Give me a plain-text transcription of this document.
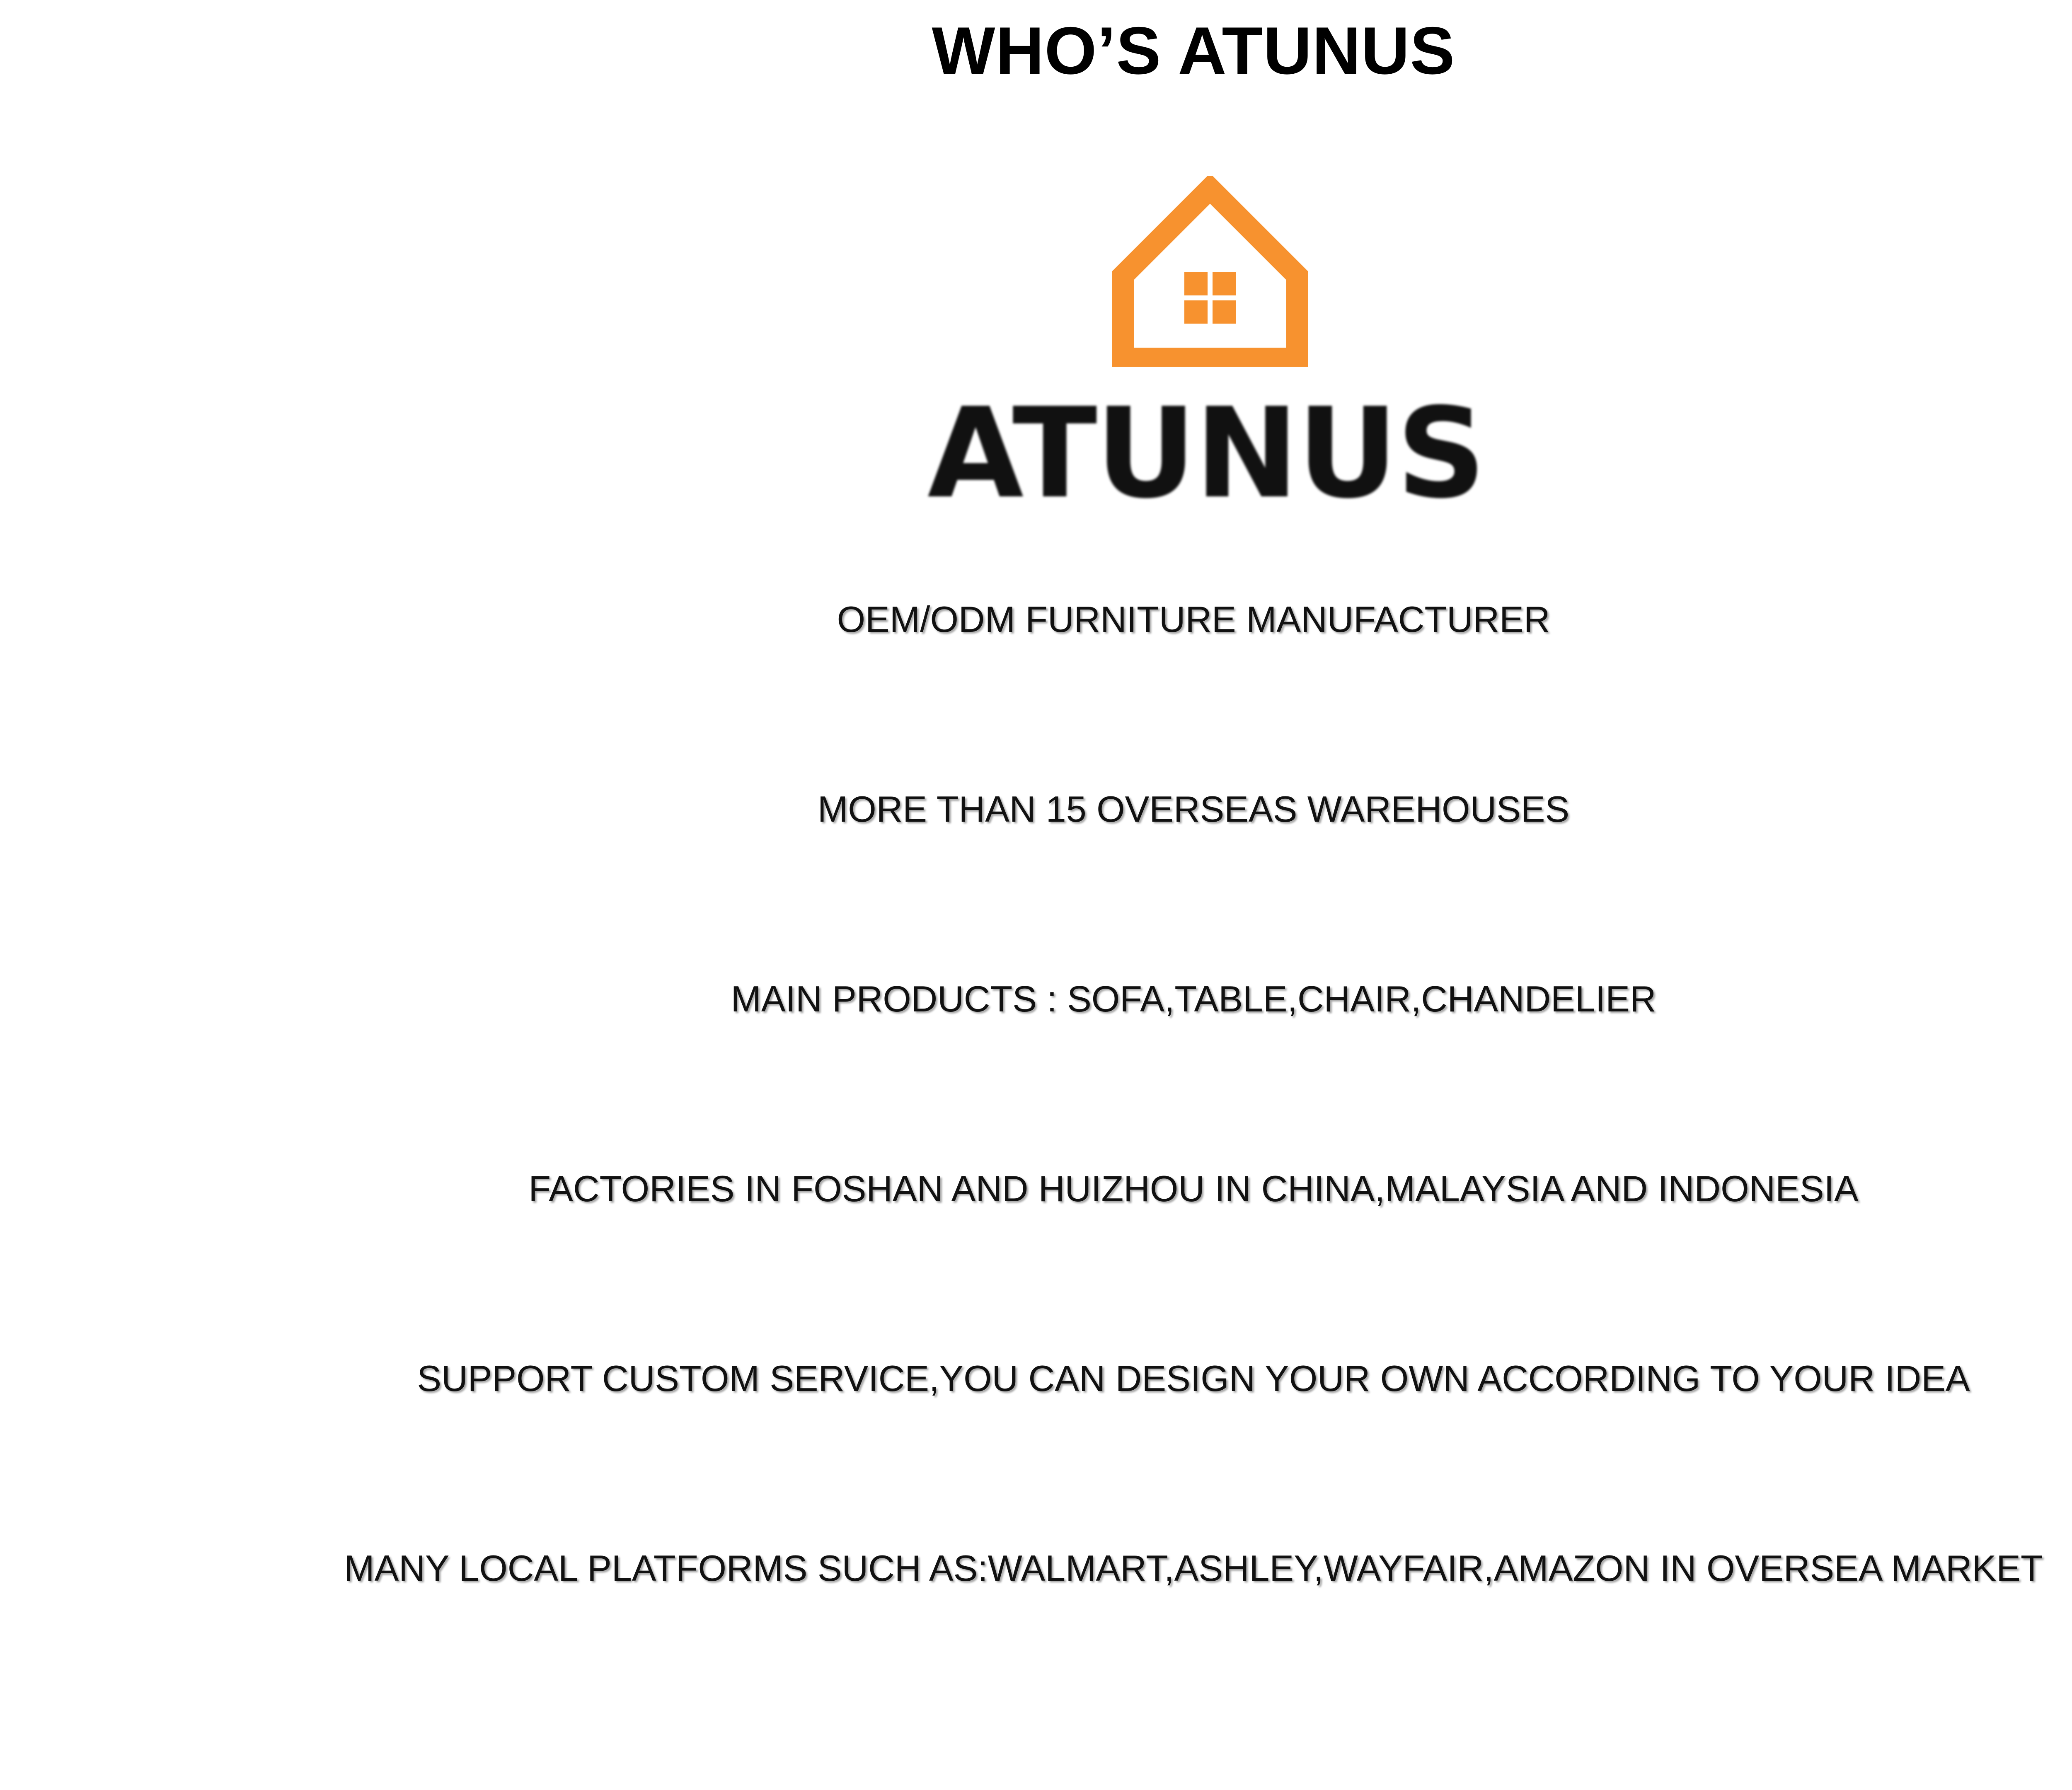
WHO’S ATUNUS
ATUNUS
OEM/ODM FURNITURE MANUFACTURER
MORE THAN 15 OVERSEAS WAREHOUSES
MAIN PRODUCTS : SOFA,TABLE,CHAIR,CHANDELIER
FACTORIES IN FOSHAN AND HUIZHOU IN CHINA,MALAYSIA AND INDONESIA
SUPPORT CUSTOM SERVICE,YOU CAN DESIGN YOUR OWN ACCORDING TO YOUR IDEA
MANY LOCAL PLATFORMS SUCH AS:WALMART,ASHLEY,WAYFAIR,AMAZON IN OVERSEA MARKET
